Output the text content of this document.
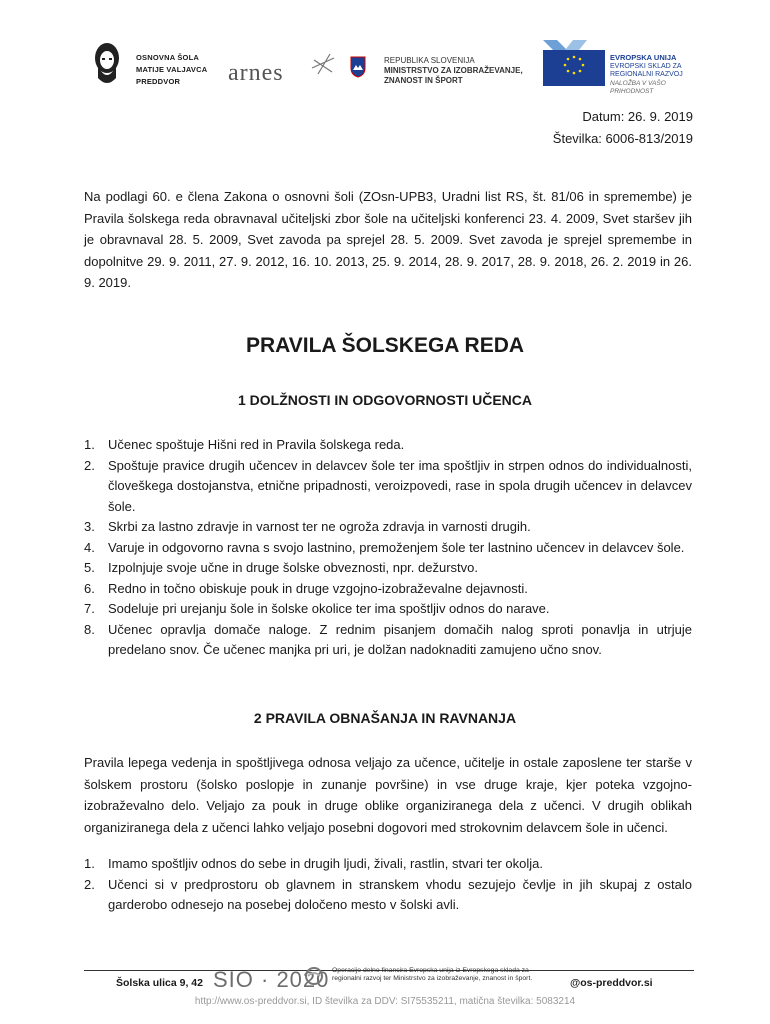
OSNOVNA ŠOLA
MATIJE VALJAVCA
PREDDVOR	arnes	REPUBLIKA SLOVENIJA
MINISTRSTVO ZA IZOBRAŽEVANJE,
ZNANOST IN ŠPORT
EVROPSKA UNIJA
EVROPSKI SKLAD ZA
REGIONALNI RAZVOJ
NALOŽBA V VAŠO PRIHODNOST
Datum: 26. 9. 2019
Številka: 6006-813/2019

Na podlagi 60. e člena Zakona o osnovni šoli (ZOsn-UPB3, Uradni list RS, št. 81/06 in spremembe) je Pravila šolskega reda obravnaval učiteljski zbor šole na učiteljski konferenci 23. 4. 2009, Svet staršev jih je obravnaval 28. 5. 2009, Svet zavoda pa sprejel 28. 5. 2009. Svet zavoda je sprejel spremembe in dopolnitve 29. 9. 2011, 27. 9. 2012, 16. 10. 2013, 25. 9. 2014, 28. 9. 2017, 28. 9. 2018, 26. 2. 2019 in 26. 9. 2019.

PRAVILA ŠOLSKEGA REDA
1 DOLŽNOSTI IN ODGOVORNOSTI UČENCA
1. Učenec spoštuje Hišni red in Pravila šolskega reda.
2. Spoštuje pravice drugih učencev in delavcev šole ter ima spoštljiv in strpen odnos do individualnosti, človeškega dostojanstva, etnične pripadnosti, veroizpovedi, rase in spola drugih učencev in delavcev šole.
3. Skrbi za lastno zdravje in varnost ter ne ogroža zdravja in varnosti drugih.
4. Varuje in odgovorno ravna s svojo lastnino, premoženjem šole ter lastnino učencev in delavcev šole.
5. Izpolnjuje svoje učne in druge šolske obveznosti, npr. dežurstvo.
6. Redno in točno obiskuje pouk in druge vzgojno-izobraževalne dejavnosti.
7. Sodeluje pri urejanju šole in šolske okolice ter ima spoštljiv odnos do narave.
8. Učenec opravlja domače naloge. Z rednim pisanjem domačih nalog sproti ponavlja in utrjuje predelano snov. Če učenec manjka pri uri, je dolžan nadoknaditi zamujeno učno snov.
2 PRAVILA OBNAŠANJA IN RAVNANJA

Pravila lepega vedenja in spoštljivega odnosa veljajo za učence, učitelje in ostale zaposlene ter starše v šolskem prostoru (šolsko poslopje in zunanje površine) in vse druge kraje, kjer poteka vzgojno-izobraževalno delo. Veljajo za pouk in druge oblike organiziranega dela z učenci. V drugih oblikah organiziranega dela z učenci lahko veljajo posebni dogovori med strokovnim delavcem šole in učenci.

1. Imamo spoštljiv odnos do sebe in drugih ljudi, živali, rastlin, stvari ter okolja.
2. Učenci si v predprostoru ob glavnem in stranskem vhodu sezujejo čevlje in jih skupaj z ostalo garderobo odnesejo na posebej določeno mesto v šolski avli.
Šolska ulica 9, 42 SIO · 2020 Operacijo delno financira Evropska unija iz Evropskega sklada za
regionalni razvoj ter Ministrstvo za izobraževanje, znanost in šport.	@os-preddvor.si
http://www.os-preddvor.si, ID številka za DDV: SI75535211, matična številka: 5083214
